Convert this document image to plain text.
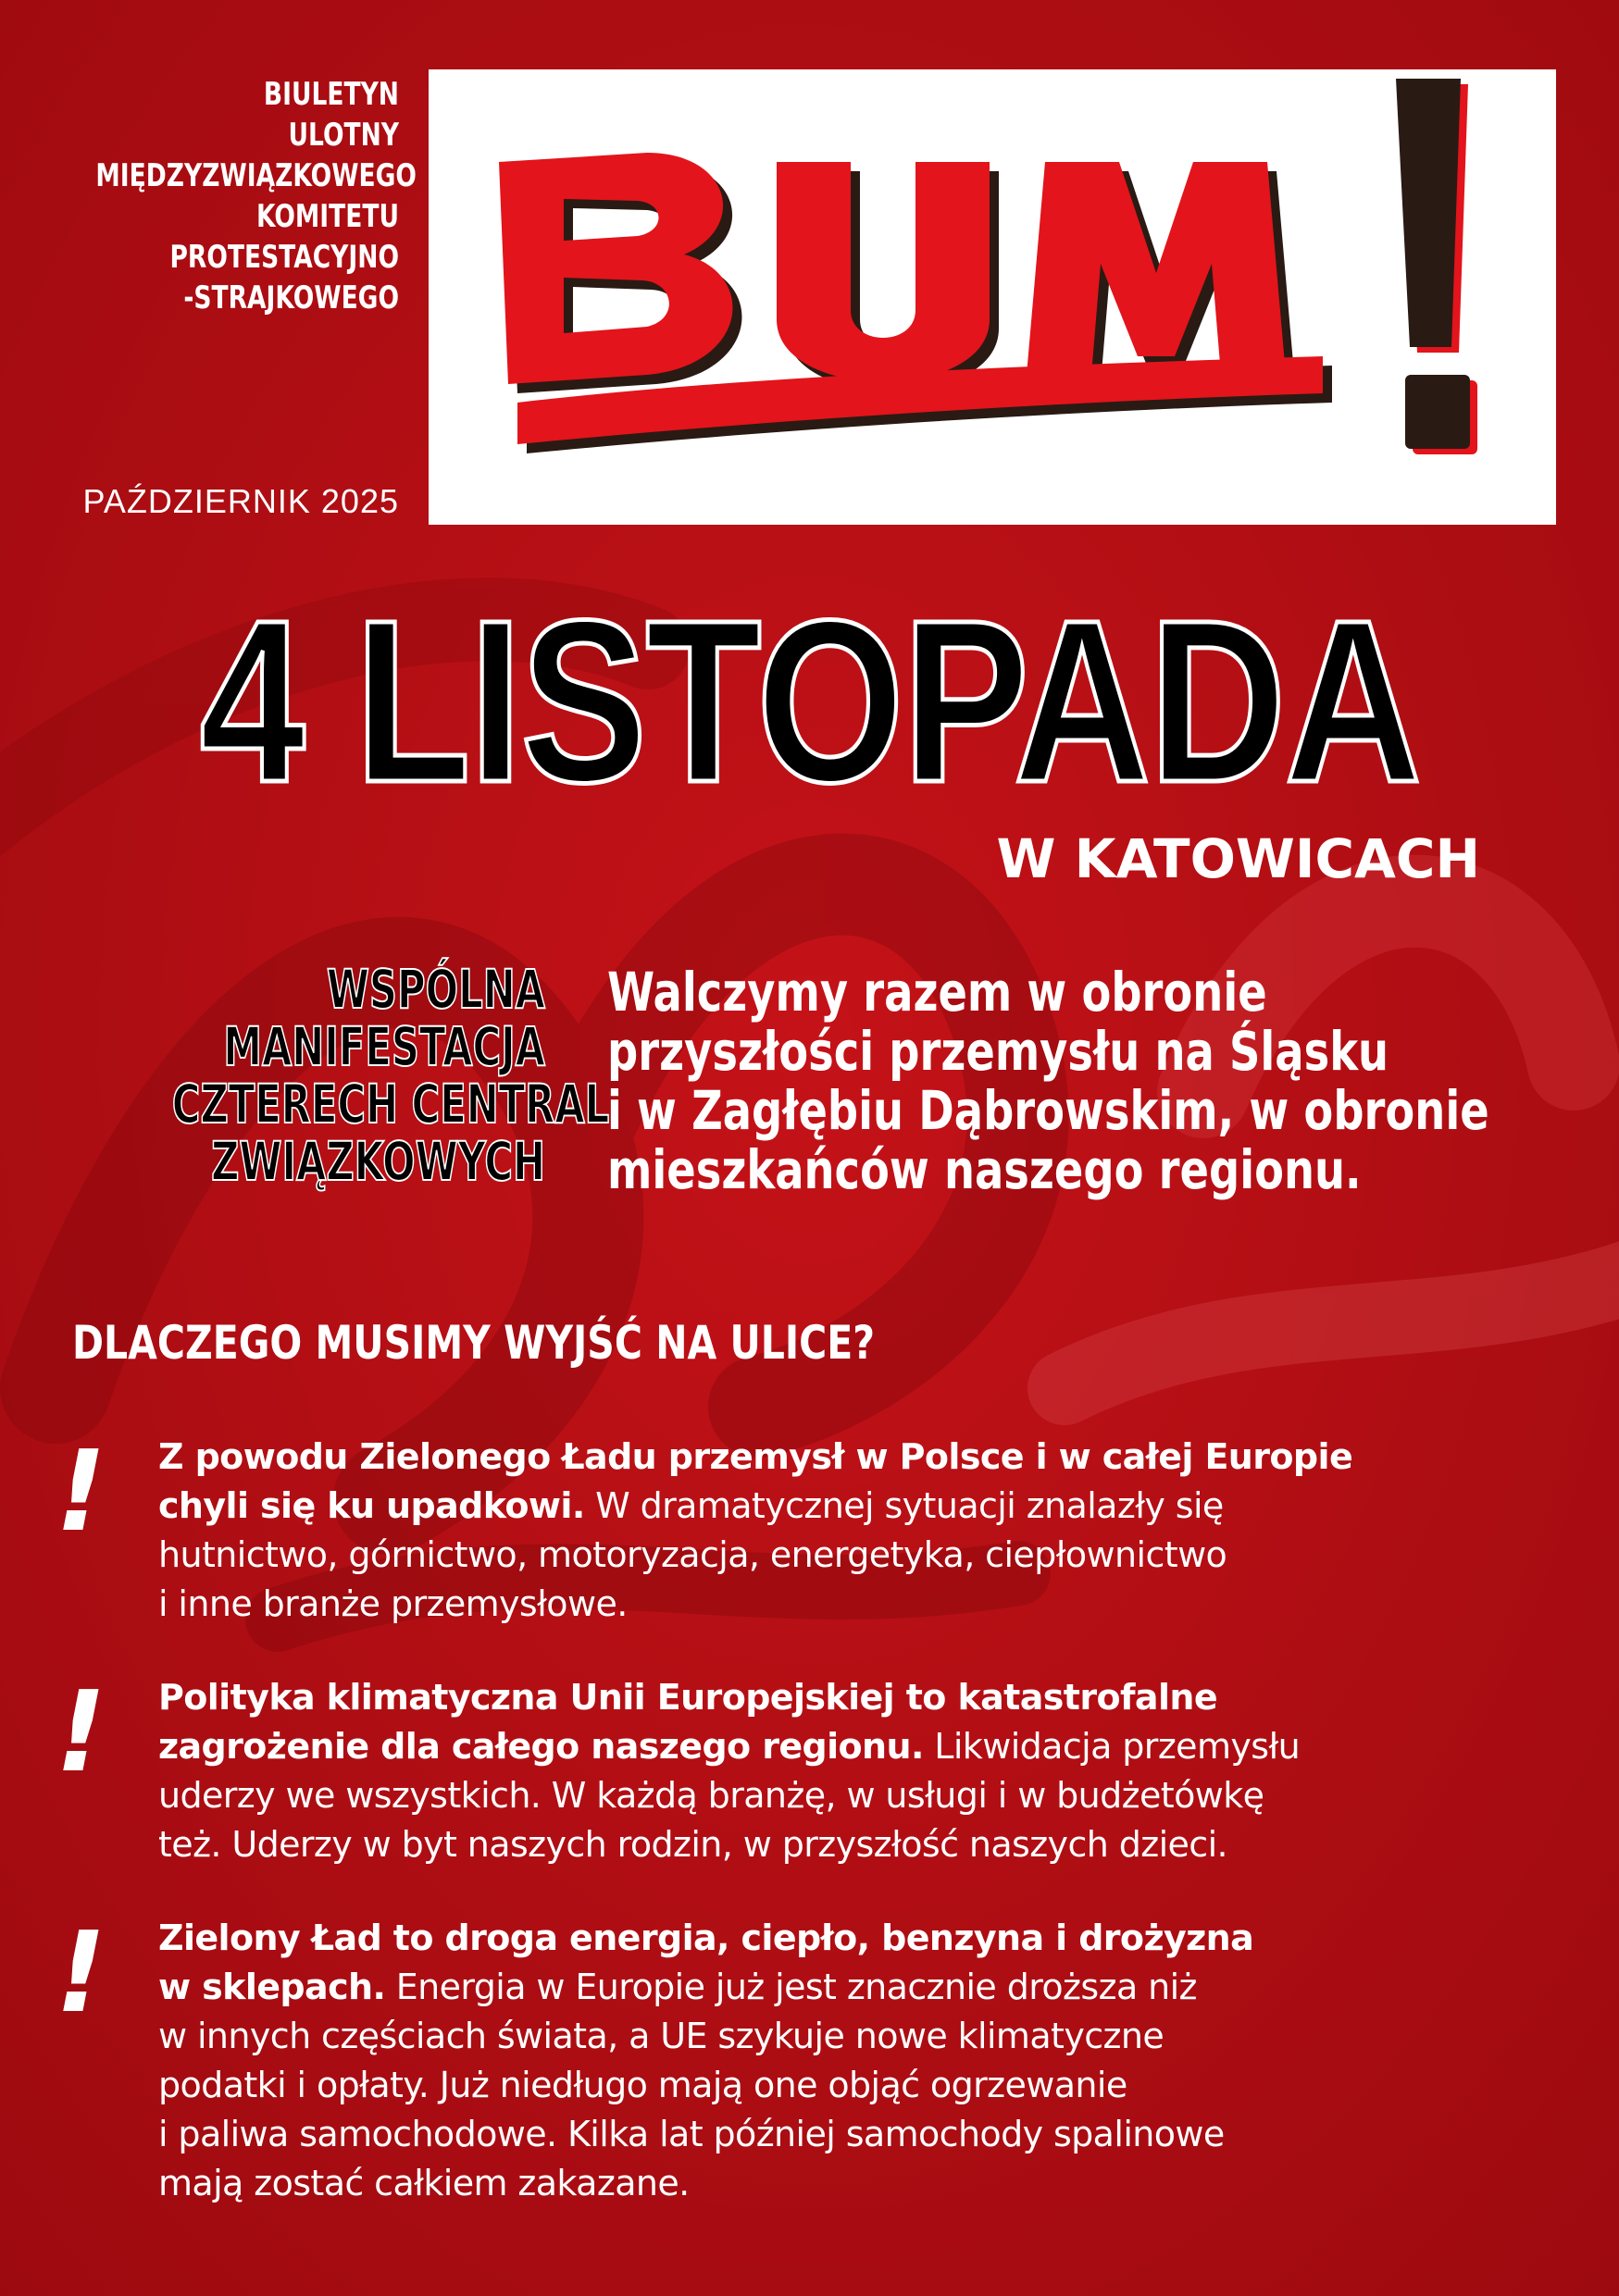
BIULETYN
ULOTNY
MIĘDZYZWIĄZKOWEGO
KOMITETU
PROTESTACYJNO
-STRAJKOWEGO
PAŹDZIERNIK 2025
4 LISTOPADA
W KATOWICACH
WSPÓLNA
MANIFESTACJA
CZTERECH CENTRAL
ZWIĄZKOWYCH
Walczymy razem w obronie
przyszłości przemysłu na Śląsku
i w Zagłębiu Dąbrowskim, w obronie
mieszkańców naszego regionu.
DLACZEGO MUSIMY WYJŚĆ NA ULICE?
! Z powodu Zielonego Ładu przemysł w Polsce i w całej Europie
chyli się ku upadkowi. W dramatycznej sytuacji znalazły się
hutnictwo, górnictwo, motoryzacja, energetyka, ciepłownictwo
i inne branże przemysłowe.
! Polityka klimatyczna Unii Europejskiej to katastrofalne
zagrożenie dla całego naszego regionu. Likwidacja przemysłu
uderzy we wszystkich. W każdą branżę, w usługi i w budżetówkę
też. Uderzy w byt naszych rodzin, w przyszłość naszych dzieci.
! Zielony Ład to droga energia, ciepło, benzyna i drożyzna
w sklepach. Energia w Europie już jest znacznie droższa niż
w innych częściach świata, a UE szykuje nowe klimatyczne
podatki i opłaty. Już niedługo mają one objąć ogrzewanie
i paliwa samochodowe. Kilka lat później samochody spalinowe
mają zostać całkiem zakazane.
